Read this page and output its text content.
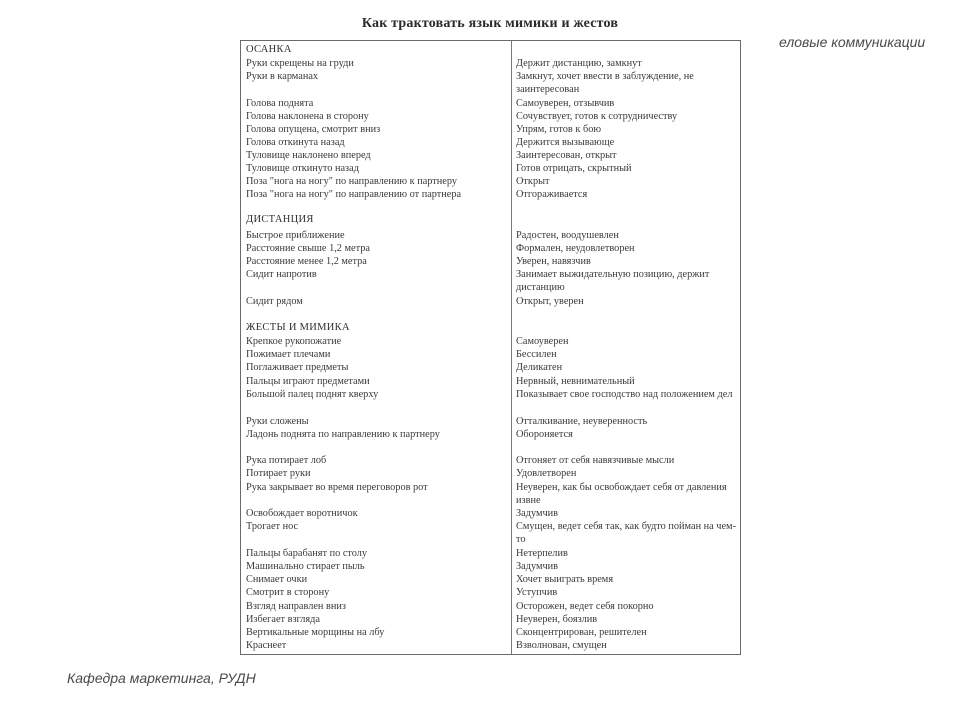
еловые коммуникации
Как трактовать язык мимики и жестов
ОСАНКА
Руки скрещены на груди	Держит дистанцию, замкнут
Руки в карманах	Замкнут, хочет ввести в заблуждение, не заинтересован
Голова поднята	Самоуверен, отзывчив
Голова наклонена в сторону	Сочувствует, готов к сотрудничеству
Голова опущена, смотрит вниз	Упрям, готов к бою
Голова откинута назад	Держится вызывающе
Туловище наклонено вперед	Заинтересован, открыт
Туловище откинуто назад	Готов отрицать, скрытный
Поза "нога на ногу" по направлению к партнеру	Открыт
Поза "нога на ногу" по направлению от партнера	Отгораживается
ДИСТАНЦИЯ
Быстрое приближение	Радостен, воодушевлен
Расстояние свыше 1,2 метра	Формален, неудовлетворен
Расстояние менее 1,2 метра	Уверен, навязчив
Сидит напротив	Занимает выжидательную позицию, держит дистанцию
Сидит рядом	Открыт, уверен
ЖЕСТЫ И МИМИКА
Крепкое рукопожатие	Самоуверен
Пожимает плечами	Бессилен
Поглаживает предметы	Деликатен
Пальцы играют предметами	Нервный, невнимательный
Большой палец поднят кверху	Показывает свое господство над положением дел
Руки сложены	Отталкивание, неуверенность
Ладонь поднята по направлению к партнеру	Обороняется
Рука потирает лоб	Отгоняет от себя навязчивые мысли
Потирает руки	Удовлетворен
Рука закрывает во время переговоров рот	Неуверен, как бы освобождает себя от давления извне
Освобождает воротничок	Задумчив
Трогает нос	Смущен, ведет себя так, как будто пойман на чем-то
Пальцы барабанят по столу	Нетерпелив
Машинально стирает пыль	Задумчив
Снимает очки	Хочет выиграть время
Смотрит в сторону	Уступчив
Взгляд направлен вниз	Осторожен, ведет себя покорно
Избегает взгляда	Неуверен, боязлив
Вертикальные морщины на лбу	Сконцентрирован, решителен
Краснеет	Взволнован, смущен
Кафедра маркетинга, РУДН
